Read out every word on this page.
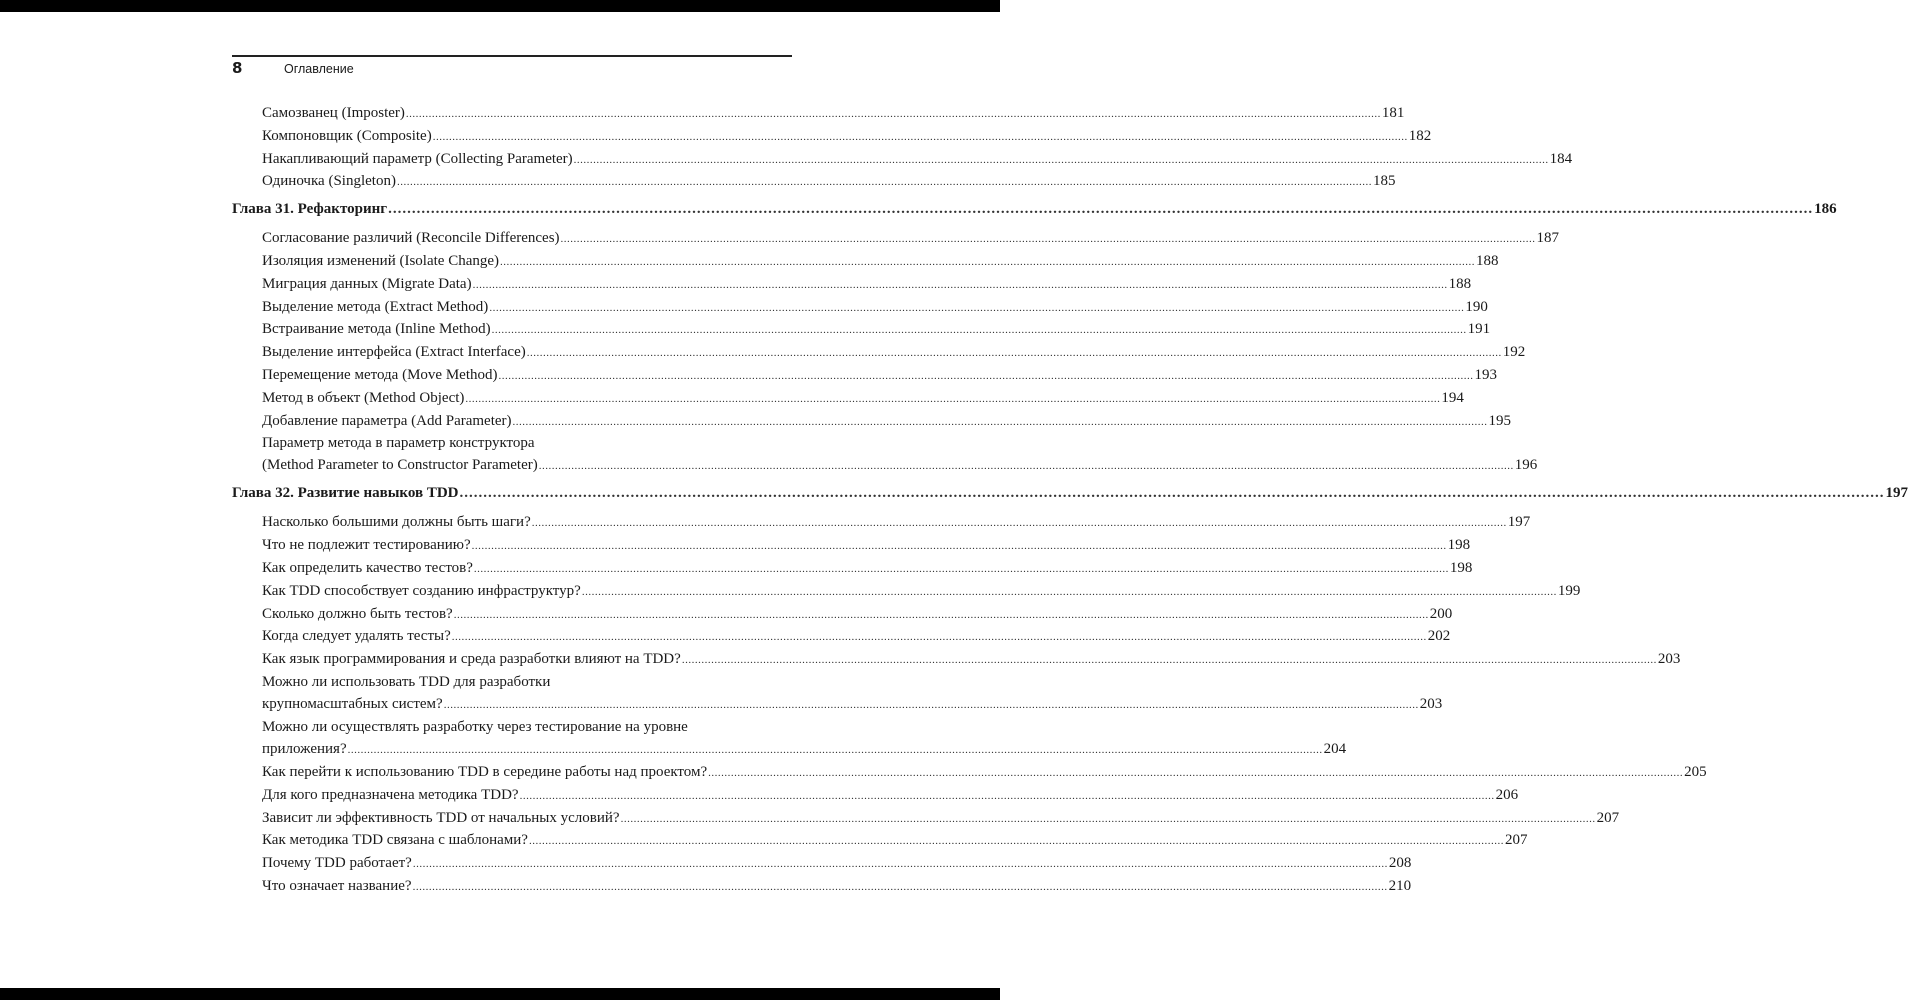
8	Оглавление
Самозванец (Imposter) ............................................................................................................................................................................................................................................................................................................ 181
Компоновщик (Composite) ............................................................................................................................................................................................................................................................................................................ 182
Накапливающий параметр (Collecting Parameter) ............................................................................................................................................................................................................................................................................................................ 184
Одиночка (Singleton) ............................................................................................................................................................................................................................................................................................................ 185
Глава 31. Рефакторинг ............................................................................................................................................................................................................................................................................................................ 186
Согласование различий (Reconcile Differences) ............................................................................................................................................................................................................................................................................................................ 187
Изоляция изменений (Isolate Change) ............................................................................................................................................................................................................................................................................................................ 188
Миграция данных (Migrate Data) ............................................................................................................................................................................................................................................................................................................ 188
Выделение метода (Extract Method) ............................................................................................................................................................................................................................................................................................................ 190
Встраивание метода (Inline Method) ............................................................................................................................................................................................................................................................................................................ 191
Выделение интерфейса (Extract Interface) ............................................................................................................................................................................................................................................................................................................ 192
Перемещение метода (Move Method) ............................................................................................................................................................................................................................................................................................................ 193
Метод в объект (Method Object) ............................................................................................................................................................................................................................................................................................................ 194
Добавление параметра (Add Parameter) ............................................................................................................................................................................................................................................................................................................ 195
Параметр метода в параметр конструктора
(Method Parameter to Constructor Parameter) ............................................................................................................................................................................................................................................................................................................ 196
Глава 32. Развитие навыков TDD ............................................................................................................................................................................................................................................................................................................ 197
Насколько большими должны быть шаги? ............................................................................................................................................................................................................................................................................................................ 197
Что не подлежит тестированию? ............................................................................................................................................................................................................................................................................................................ 198
Как определить качество тестов? ............................................................................................................................................................................................................................................................................................................ 198
Как TDD способствует созданию инфраструктур? ............................................................................................................................................................................................................................................................................................................ 199
Сколько должно быть тестов? ............................................................................................................................................................................................................................................................................................................ 200
Когда следует удалять тесты? ............................................................................................................................................................................................................................................................................................................ 202
Как язык программирования и среда разработки влияют на TDD? ............................................................................................................................................................................................................................................................................................................ 203
Можно ли использовать TDD для разработки
крупномасштабных систем? ............................................................................................................................................................................................................................................................................................................ 203
Можно ли осуществлять разработку через тестирование на уровне
приложения? ............................................................................................................................................................................................................................................................................................................ 204
Как перейти к использованию TDD в середине работы над проектом? ............................................................................................................................................................................................................................................................................................................ 205
Для кого предназначена методика TDD? ............................................................................................................................................................................................................................................................................................................ 206
Зависит ли эффективность TDD от начальных условий? ............................................................................................................................................................................................................................................................................................................ 207
Как методика TDD связана с шаблонами? ............................................................................................................................................................................................................................................................................................................ 207
Почему TDD работает? ............................................................................................................................................................................................................................................................................................................ 208
Что означает название? ............................................................................................................................................................................................................................................................................................................ 210
